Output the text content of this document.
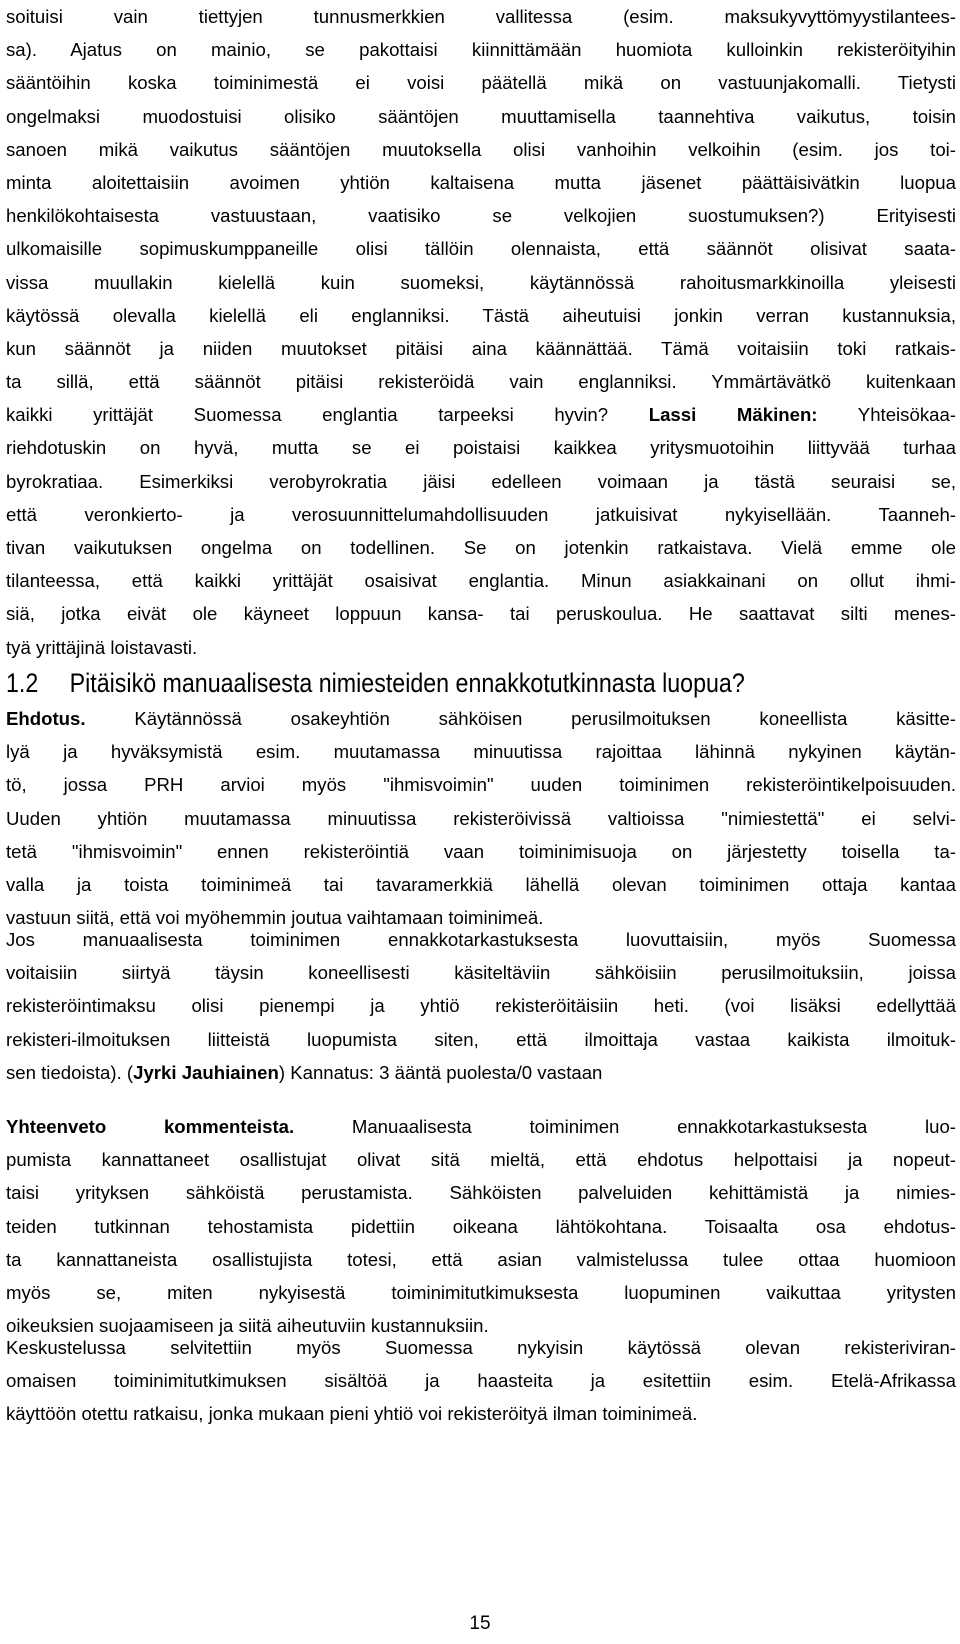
soituisi vain tiettyjen tunnusmerkkien vallitessa (esim. maksukyvyttömyystilantees-
sa). Ajatus on mainio, se pakottaisi kiinnittämään huomiota kulloinkin rekisteröityihin
sääntöihin koska toiminimestä ei voisi päätellä mikä on vastuunjakomalli. Tietysti
ongelmaksi muodostuisi olisiko sääntöjen muuttamisella taannehtiva vaikutus, toisin
sanoen mikä vaikutus sääntöjen muutoksella olisi vanhoihin velkoihin (esim. jos toi-
minta aloitettaisiin avoimen yhtiön kaltaisena mutta jäsenet päättäisivätkin luopua
henkilökohtaisesta vastuustaan, vaatisiko se velkojien suostumuksen?) Erityisesti
ulkomaisille sopimuskumppaneille olisi tällöin olennaista, että säännöt olisivat saata-
vissa muullakin kielellä kuin suomeksi, käytännössä rahoitusmarkkinoilla yleisesti
käytössä olevalla kielellä eli englanniksi. Tästä aiheutuisi jonkin verran kustannuksia,
kun säännöt ja niiden muutokset pitäisi aina käännättää. Tämä voitaisiin toki ratkais-
ta sillä, että säännöt pitäisi rekisteröidä vain englanniksi. Ymmärtävätkö kuitenkaan
kaikki yrittäjät Suomessa englantia tarpeeksi hyvin? Lassi Mäkinen: Yhteisökaa-
riehdotuskin on hyvä, mutta se ei poistaisi kaikkea yritysmuotoihin liittyvää turhaa
byrokratiaa. Esimerkiksi verobyrokratia jäisi edelleen voimaan ja tästä seuraisi se,
että veronkierto- ja verosuunnittelumahdollisuuden jatkuisivat nykyisellään. Taanneh-
tivan vaikutuksen ongelma on todellinen. Se on jotenkin ratkaistava. Vielä emme ole
tilanteessa, että kaikki yrittäjät osaisivat englantia. Minun asiakkainani on ollut ihmi-
siä, jotka eivät ole käyneet loppuun kansa- tai peruskoulua. He saattavat silti menes-
tyä yrittäjinä loistavasti.
1.2 Pitäisikö manuaalisesta nimiesteiden ennakkotutkinnasta luopua?
Ehdotus. Käytännössä osakeyhtiön sähköisen perusilmoituksen koneellista käsitte-
lyä ja hyväksymistä esim. muutamassa minuutissa rajoittaa lähinnä nykyinen käytän-
tö, jossa PRH arvioi myös "ihmisvoimin" uuden toiminimen rekisteröintikelpoisuuden.
Uuden yhtiön muutamassa minuutissa rekisteröivissä valtioissa "nimiestettä" ei selvi-
tetä "ihmisvoimin" ennen rekisteröintiä vaan toiminimisuoja on järjestetty toisella ta-
valla ja toista toiminimeä tai tavaramerkkiä lähellä olevan toiminimen ottaja kantaa
vastuun siitä, että voi myöhemmin joutua vaihtamaan toiminimeä.
Jos manuaalisesta toiminimen ennakkotarkastuksesta luovuttaisiin, myös Suomessa
voitaisiin siirtyä täysin koneellisesti käsiteltäviin sähköisiin perusilmoituksiin, joissa
rekisteröintimaksu olisi pienempi ja yhtiö rekisteröitäisiin heti. (voi lisäksi edellyttää
rekisteri-ilmoituksen liitteistä luopumista siten, että ilmoittaja vastaa kaikista ilmoituk-
sen tiedoista). (Jyrki Jauhiainen) Kannatus: 3 ääntä puolesta/0 vastaan
Yhteenveto kommenteista. Manuaalisesta toiminimen ennakkotarkastuksesta luo-
pumista kannattaneet osallistujat olivat sitä mieltä, että ehdotus helpottaisi ja nopeut-
taisi yrityksen sähköistä perustamista. Sähköisten palveluiden kehittämistä ja nimies-
teiden tutkinnan tehostamista pidettiin oikeana lähtökohtana. Toisaalta osa ehdotus-
ta kannattaneista osallistujista totesi, että asian valmistelussa tulee ottaa huomioon
myös se, miten nykyisestä toiminimitutkimuksesta luopuminen vaikuttaa yritysten
oikeuksien suojaamiseen ja siitä aiheutuviin kustannuksiin.
Keskustelussa selvitettiin myös Suomessa nykyisin käytössä olevan rekisteriviran-
omaisen toiminimitutkimuksen sisältöä ja haasteita ja esitettiin esim. Etelä-Afrikassa
käyttöön otettu ratkaisu, jonka mukaan pieni yhtiö voi rekisteröityä ilman toiminimeä.
15
